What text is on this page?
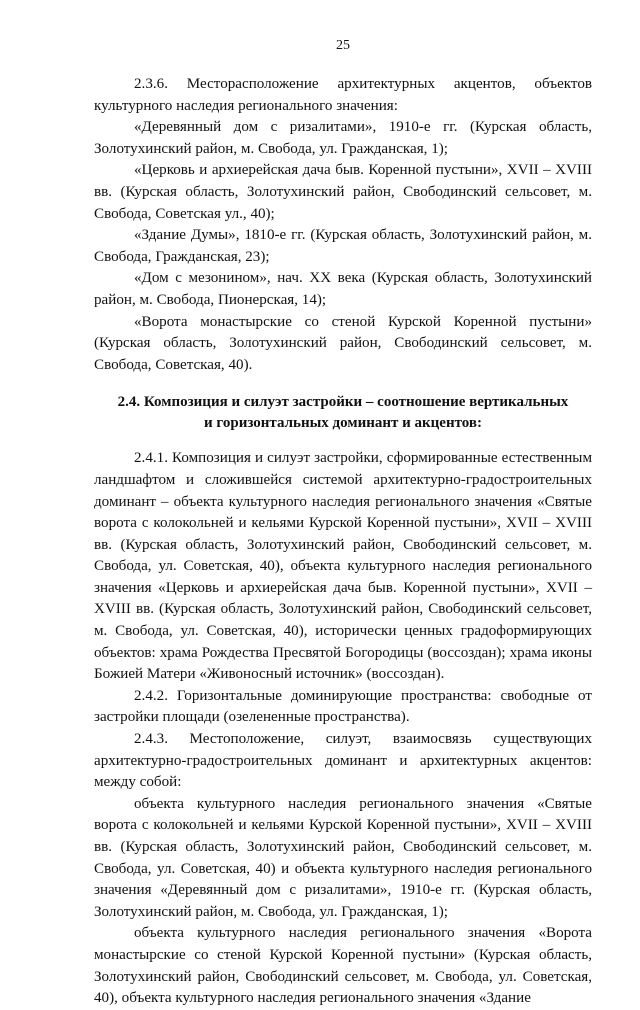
25

2.3.6. Месторасположение архитектурных акцентов, объектов культурного наследия регионального значения:

«Деревянный дом с ризалитами», 1910-е гг. (Курская область, Золотухинский район, м. Свобода, ул. Гражданская, 1);

«Церковь и архиерейская дача быв. Коренной пустыни», XVII – XVIII вв. (Курская область, Золотухинский район, Свободинский сельсовет, м. Свобода, Советская ул., 40);

«Здание Думы», 1810-е гг. (Курская область, Золотухинский район, м. Свобода, Гражданская, 23);

«Дом с мезонином», нач. XX века (Курская область, Золотухинский район, м. Свобода, Пионерская, 14);

«Ворота монастырские со стеной Курской Коренной пустыни» (Курская область, Золотухинский район, Свободинский сельсовет, м. Свобода, Советская, 40).

2.4. Композиция и силуэт застройки – соотношение вертикальных
и горизонтальных доминант и акцентов:

2.4.1. Композиция и силуэт застройки, сформированные естественным ландшафтом и сложившейся системой архитектурно-градостроительных доминант – объекта культурного наследия регионального значения «Святые ворота с колокольней и кельями Курской Коренной пустыни», XVII – XVIII вв. (Курская область, Золотухинский район, Свободинский сельсовет, м. Свобода, ул. Советская, 40), объекта культурного наследия регионального значения «Церковь и архиерейская дача быв. Коренной пустыни», XVII – XVIII вв. (Курская область, Золотухинский район, Свободинский сельсовет, м. Свобода, ул. Советская, 40), исторически ценных градоформирующих объектов: храма Рождества Пресвятой Богородицы (воссоздан); храма иконы Божией Матери «Живоносный источник» (воссоздан).

2.4.2. Горизонтальные доминирующие пространства: свободные от застройки площади (озелененные пространства).

2.4.3. Местоположение, силуэт, взаимосвязь существующих архитектурно-градостроительных доминант и архитектурных акцентов: между собой:

объекта культурного наследия регионального значения «Святые ворота с колокольней и кельями Курской Коренной пустыни», XVII – XVIII вв. (Курская область, Золотухинский район, Свободинский сельсовет, м. Свобода, ул. Советская, 40) и объекта культурного наследия регионального значения «Деревянный дом с ризалитами», 1910-е гг. (Курская область, Золотухинский район, м. Свобода, ул. Гражданская, 1);

объекта культурного наследия регионального значения «Ворота монастырские со стеной Курской Коренной пустыни» (Курская область, Золотухинский район, Свободинский сельсовет, м. Свобода, ул. Советская, 40), объекта культурного наследия регионального значения «Здание
